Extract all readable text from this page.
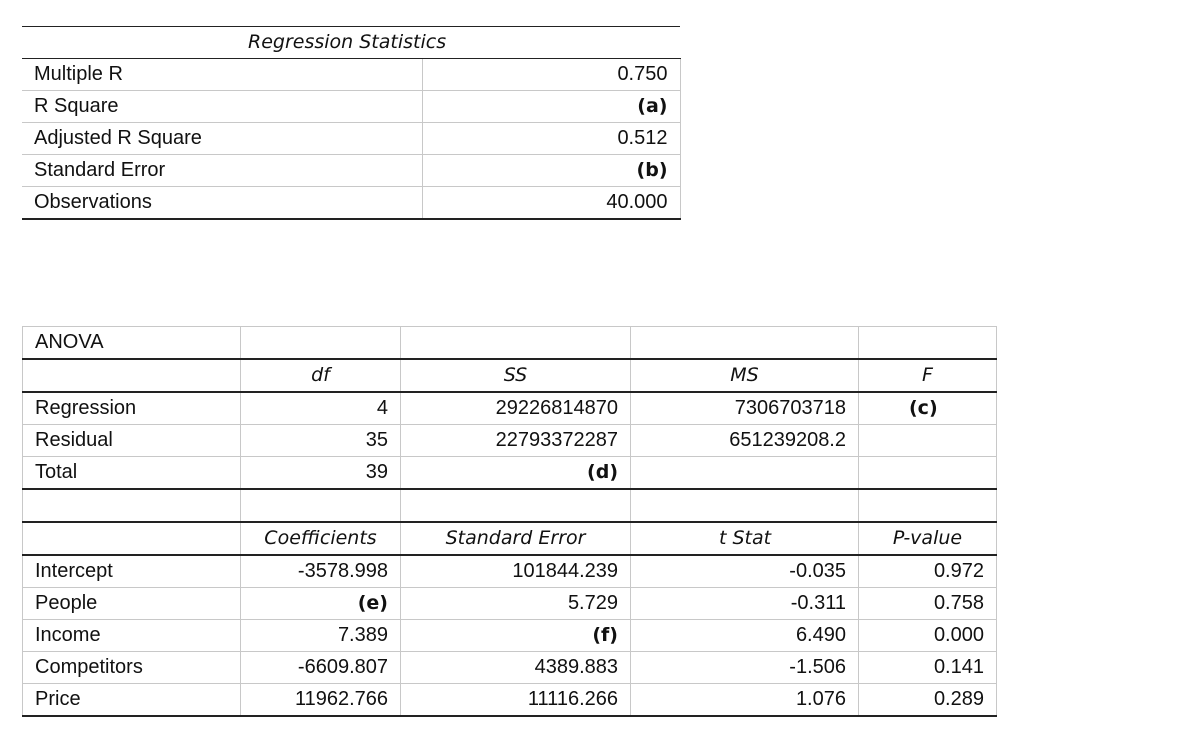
Regression Statistics	
Multiple R	0.750
R Square	(a)
Adjusted R Square	0.512
Standard Error	(b)
Observations	40.000
ANOVA				
	df	SS	MS	F
Regression	4	29226814870	7306703718	(c)
Residual	35	22793372287	651239208.2	
Total	39	(d)		

	Coefficients	Standard Error	t Stat	P-value
Intercept	-3578.998	101844.239	-0.035	0.972
People	(e)	5.729	-0.311	0.758
Income	7.389	(f)	6.490	0.000
Competitors	-6609.807	4389.883	-1.506	0.141
Price	11962.766	11116.266	1.076	0.289
